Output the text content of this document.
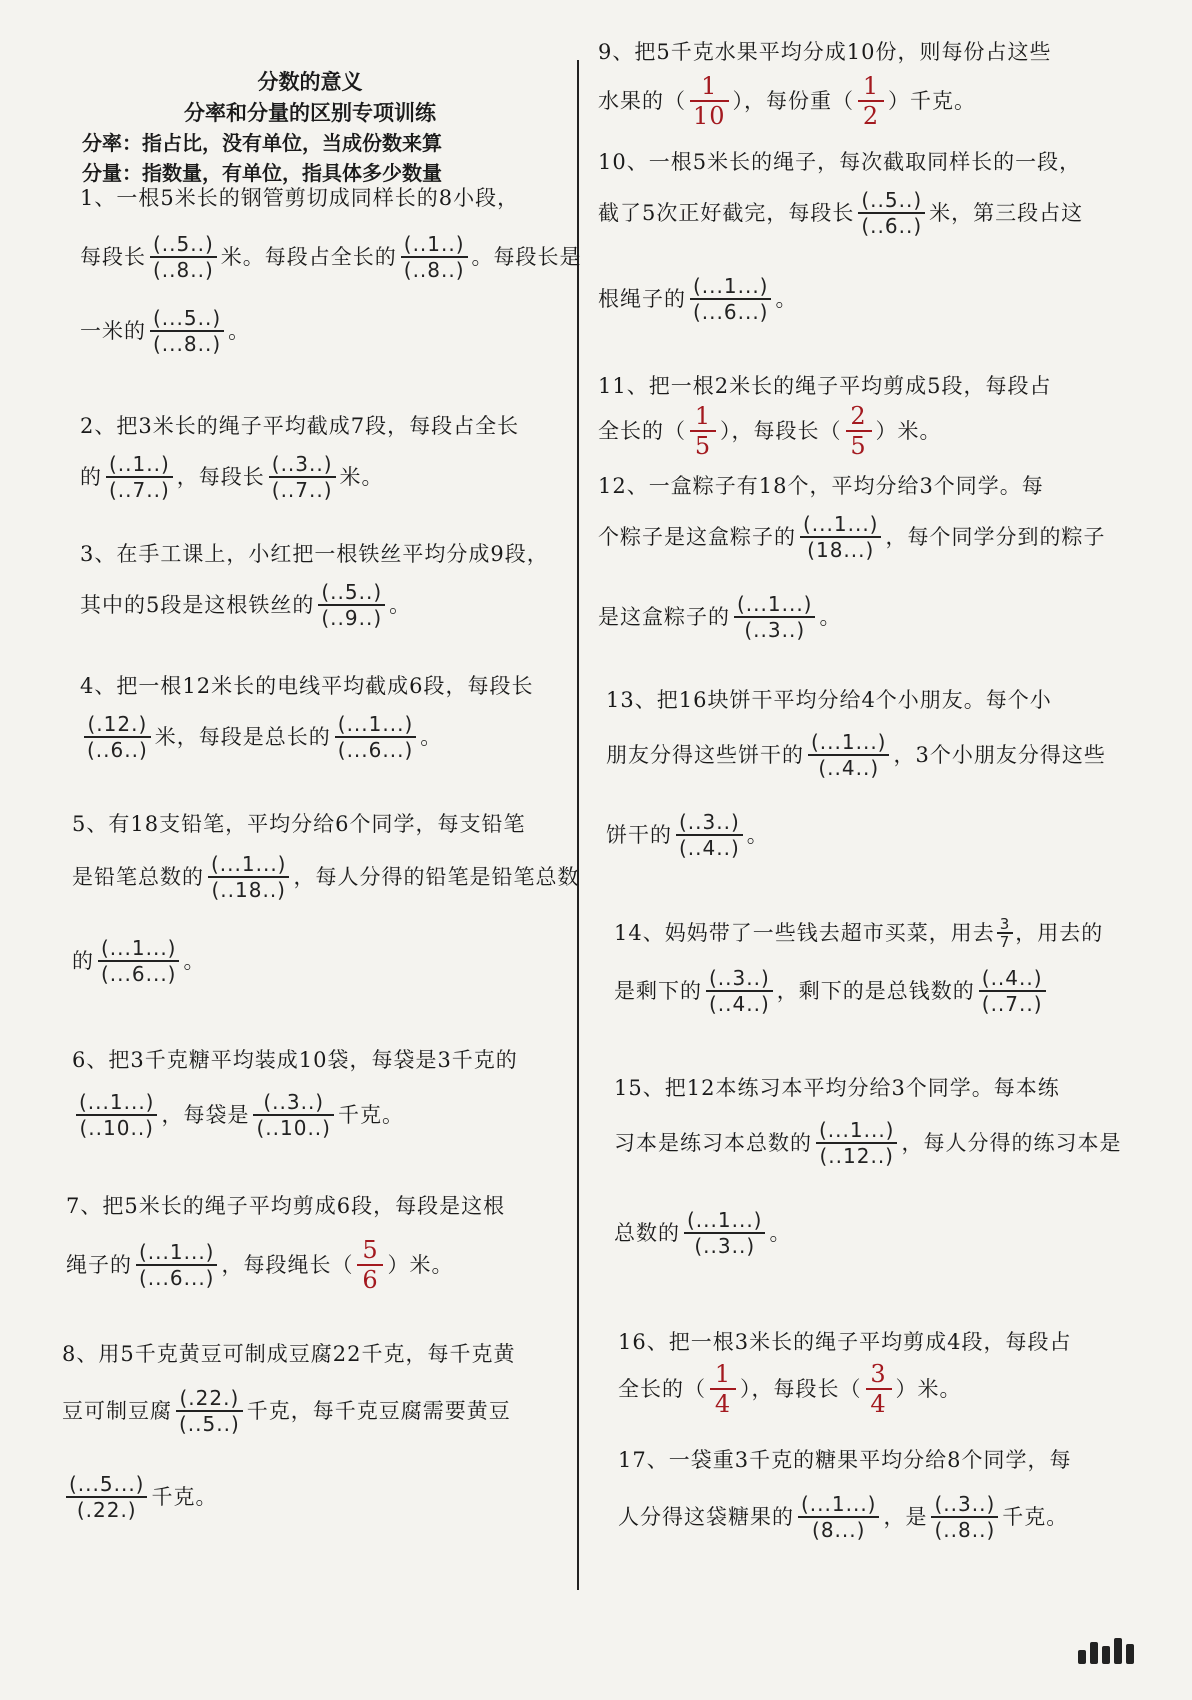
分数的意义
分率和分量的区别专项训练
分率：指占比，没有单位，当成份数来算
分量：指数量，有单位，指具体多少数量
1、一根5米长的钢管剪切成同样长的8小段，
每段长 $\frac{(..5..)}{(..8..)}$ 米。每段占全长的 $\frac{(..1..)}{(..8..)}$ 。每段长是
一米的 $\frac{(...5..)}{(...8..)}$ 。
2、把3米长的绳子平均截成7段，每段占全长
的 $\frac{(..1..)}{(..7..)}$ ，每段长 $\frac{(..3..)}{(..7..)}$ 米。
3、在手工课上，小红把一根铁丝平均分成9段，
其中的5段是这根铁丝的 $\frac{(..5..)}{(..9..)}$ 。
4、把一根12米长的电线平均截成6段，每段长
$\frac{(.12.)}{(..6..)}$ 米，每段是总长的 $\frac{(...1...)}{(...6...)}$ 。
5、有18支铅笔，平均分给6个同学，每支铅笔
是铅笔总数的 $\frac{(...1...)}{(..18..)}$ ，每人分得的铅笔是铅笔总数
的 $\frac{(...1...)}{(...6...)}$ 。
6、把3千克糖平均装成10袋，每袋是3千克的
$\frac{(...1...)}{(..10..)}$ ，每袋是 $\frac{(..3..)}{(..10..)}$ 千克。
7、把5米长的绳子平均剪成6段，每段是这根
绳子的 $\frac{(...1...)}{(...6...)}$ ，每段绳长（ $\frac{5}{6}$ ）米。
8、用5千克黄豆可制成豆腐22千克，每千克黄
豆可制豆腐 $\frac{(.22.)}{(..5..)}$ 千克，每千克豆腐需要黄豆
$\frac{(...5...)}{(.22.)}$ 千克。
9、把5千克水果平均分成10份，则每份占这些
水果的（ $\frac{1}{10}$ ），每份重（ $\frac{1}{2}$ ）千克。
10、一根5米长的绳子，每次截取同样长的一段，
截了5次正好截完，每段长 $\frac{(..5..)}{(..6..)}$ 米，第三段占这
根绳子的 $\frac{(...1...)}{(...6...)}$ 。
11、把一根2米长的绳子平均剪成5段，每段占
全长的（ $\frac{1}{5}$ ），每段长（ $\frac{2}{5}$ ）米。
12、一盒粽子有18个，平均分给3个同学。每
个粽子是这盒粽子的 $\frac{(...1...)}{(18...)}$ ，每个同学分到的粽子
是这盒粽子的 $\frac{(...1...)}{(..3..)}$ 。
13、把16块饼干平均分给4个小朋友。每个小
朋友分得这些饼干的 $\frac{(...1...)}{(..4..)}$ ，3个小朋友分得这些
饼干的 $\frac{(..3..)}{(..4..)}$ 。
14、妈妈带了一些钱去超市买菜，用去 $\frac{3}{7}$ ，用去的
是剩下的 $\frac{(..3..)}{(..4..)}$ ，剩下的是总钱数的 $\frac{(..4..)}{(..7..)}$
15、把12本练习本平均分给3个同学。每本练
习本是练习本总数的 $\frac{(...1...)}{(..12..)}$ ，每人分得的练习本是
总数的 $\frac{(...1...)}{(..3..)}$ 。
16、把一根3米长的绳子平均剪成4段，每段占
全长的（ $\frac{1}{4}$ ），每段长（ $\frac{3}{4}$ ）米。
17、一袋重3千克的糖果平均分给8个同学，每
人分得这袋糖果的 $\frac{(...1...)}{(8...)}$ ，是 $\frac{(..3..)}{(..8..)}$ 千克。
